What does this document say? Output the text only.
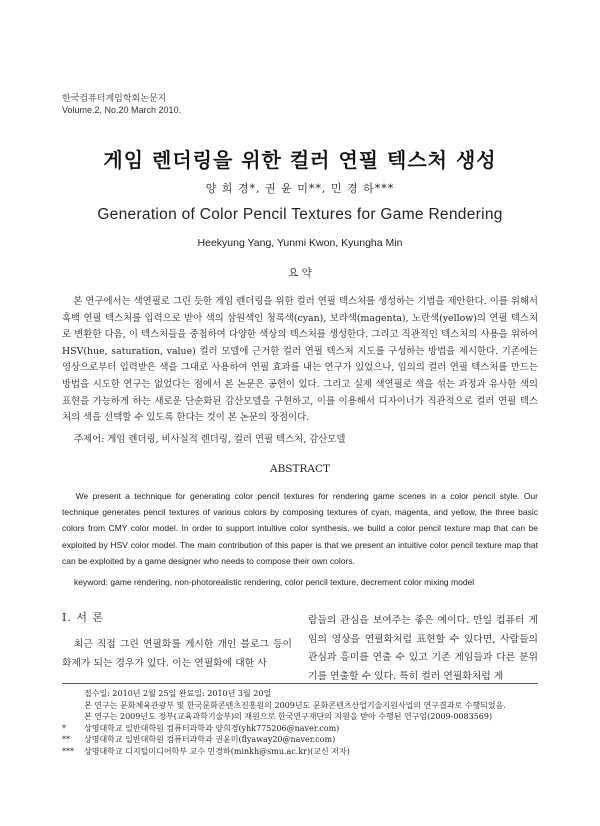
한국컴퓨터게임학회논문지
Volume.2, No.20 March 2010.
게임 렌더링을 위한 컬러 연필 텍스처 생성
양 희 경*, 권 윤 미**, 민 경 하***
Generation of Color Pencil Textures for Game Rendering
Heekyung Yang, Yunmi Kwon, Kyungha Min
요 약

본 연구에서는 색연필로 그린 듯한 게임 렌더링을 위한 컬러 연필 텍스처를 생성하는 기법을 제안한다. 이를 위해서 흑백 연필 텍스처를 입력으로 받아 색의 삼원색인 청록색(cyan), 보라색(magenta), 노란색(yellow)의 연필 텍스처로 변환한 다음, 이 텍스처들을 중첩하여 다양한 색상의 텍스처를 생성한다. 그리고 직관적인 텍스처의 사용을 위하여 HSV(hue, saturation, value) 컬러 모델에 근거한 컬러 연필 텍스처 지도를 구성하는 방법을 제시한다. 기존에는 영상으로부터 입력받은 색을 그대로 사용하여 연필 효과를 내는 연구가 있었으나, 임의의 컬러 연필 텍스처를 만드는 방법을 시도한 연구는 없었다는 점에서 본 논문은 공헌이 있다. 그리고 실제 색연필로 색을 섞는 과정과 유사한 색의 표현을 가능하게 하는 새로운 단순화된 감산모델을 구현하고, 이를 이용해서 디자이너가 직관적으로 컬러 연필 텍스처의 색을 선택할 수 있도록 한다는 것이 본 논문의 장점이다.

주제어: 게임 렌더링, 비사실적 렌더링, 컬러 연필 텍스처, 감산모델
ABSTRACT

We present a technique for generating color pencil textures for rendering game scenes in a color pencil style. Our technique generates pencil textures of various colors by composing textures of cyan, magenta, and yellow, the three basic colors from CMY color model. In order to support intuitive color synthesis, we build a color pencil texture map that can be exploited by HSV color model. The main contribution of this paper is that we present an intuitive color pencil texture map that can be exploited by a game designer who needs to compose their own colors.

keyword: game rendering, non-photorealistic rendering, color pencil texture, decrement color mixing model
Ⅰ. 서 론

최근 직접 그린 연필화를 게시한 개인 블로그 등이 화제가 되는 경우가 있다. 이는 연필화에 대한 사

람들의 관심을 보여주는 좋은 예이다. 만일 컴퓨터 게임의 영상을 연필화처럼 표현할 수 있다면, 사람들의 관심과 흥미를 연출 수 있고 기존 게임들과 다른 분위기를 연출할 수 있다. 특히 컬러 연필화처럼 게

접수일: 2010년 2월 25일 완료일: 2010년 3월 20일
본 연구는 문화체육관광부 및 한국문화콘텐츠진흥원의 2009년도 문화콘텐츠산업기술지원사업의 연구결과로 수행되었음.
본 연구는 2009년도 정부(교육과학기술부)의 재원으로 한국연구재단의 지원을 받아 수행된 연구임(2009-0083569)
* 상명대학교 일반대학원 컴퓨터과학과 양희경(yhk775206@naver.com)
** 상명대학교 일반대학원 컴퓨터과학과 권윤미(flyaway20@naver.com)
*** 상명대학교 디지털미디어학부 교수 민경하(minkh@smu.ac.kr)(교신 저자)
